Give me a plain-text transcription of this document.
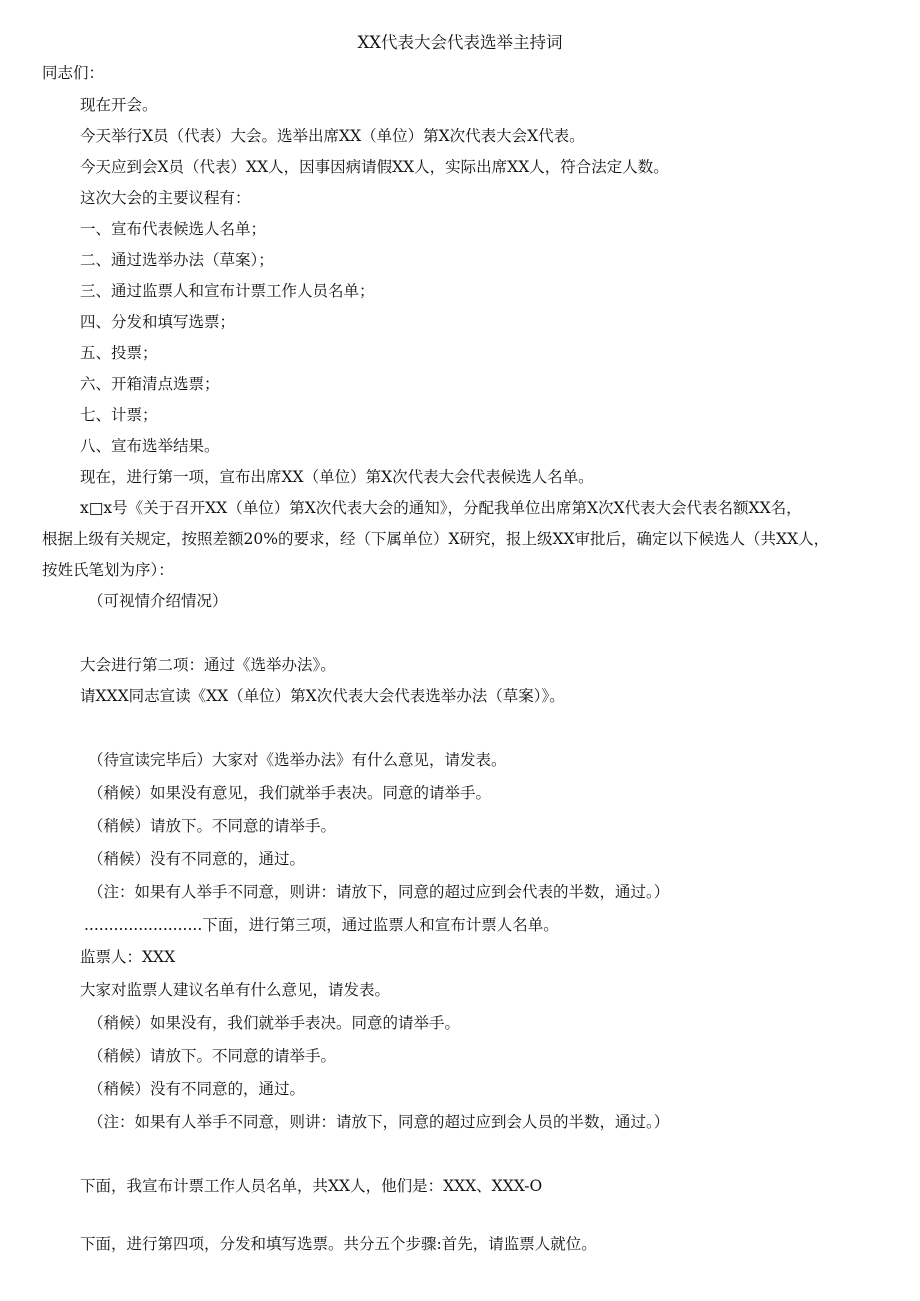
XX代表大会代表选举主持词
同志们：
现在开会。
今天举行X员（代表）大会。选举出席XX（单位）第X次代表大会X代表。
今天应到会X员（代表）XX人，因事因病请假XX人，实际出席XX人，符合法定人数。
这次大会的主要议程有：
一、宣布代表候选人名单；
二、通过选举办法（草案）；
三、通过监票人和宣布计票工作人员名单；
四、分发和填写选票；
五、投票；
六、开箱清点选票；
七、计票；
八、宣布选举结果。
现在，进行第一项，宣布出席XX（单位）第X次代表大会代表候选人名单。
x□x号《关于召开XX（单位）第X次代表大会的通知》，分配我单位出席第X次X代表大会代表名额XX名，
根据上级有关规定，按照差额20%的要求，经（下属单位）X研究，报上级XX审批后，确定以下候选人（共XX人，
按姓氏笔划为序）：
（可视情介绍情况）
大会进行第二项：通过《选举办法》。
请XXX同志宣读《XX（单位）第X次代表大会代表选举办法（草案）》。
（待宣读完毕后）大家对《选举办法》有什么意见，请发表。
（稍候）如果没有意见，我们就举手表决。同意的请举手。
（稍候）请放下。不同意的请举手。
（稍候）没有不同意的，通过。
（注：如果有人举手不同意，则讲：请放下，同意的超过应到会代表的半数，通过。）
........................下面，进行第三项，通过监票人和宣布计票人名单。
监票人：XXX
大家对监票人建议名单有什么意见，请发表。
（稍候）如果没有，我们就举手表决。同意的请举手。
（稍候）请放下。不同意的请举手。
（稍候）没有不同意的，通过。
（注：如果有人举手不同意，则讲：请放下，同意的超过应到会人员的半数，通过。）
下面，我宣布计票工作人员名单，共XX人，他们是：XXX、XXX-O
下面，进行第四项，分发和填写选票。共分五个步骤:首先，请监票人就位。
